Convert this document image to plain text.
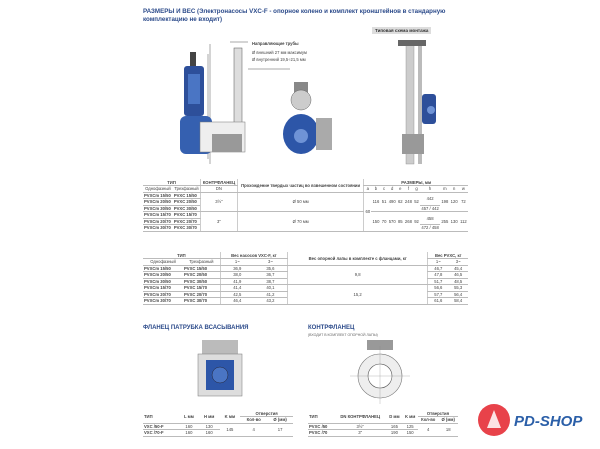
РАЗМЕРЫ И ВЕС (Электронасосы VXC-F - опорное колено и комплект кронштейнов в стандарную комплектацию не входит)
Типовая схема монтажа
Направляющие трубы
Ø внешний 27 мм максимум
Ø внутренний 19,5÷21,5 мм
ТИП		КОНТРФЛАНЕЦ	Прохождение твердых частиц во взвешенном состоянии	РАЗМЕРЫ, мм										
Однофазный	Трехфазный	DN		a	b	c	d	e	f	g	h	m	n	w
PVXCm 15/50	PVXC 15/50	3½"	Ø 50 мм	60	116	51	490	62	248	52	442	198	120	72
PVXCm 20/50	PVXC 20/50													
PVXCm 30/50	PVXC 30/50										457 / 442			
PVXCm 15/70	PVXC 15/70	3"	Ø 70 мм		150	70	570	85	268	92	458	255	130	112
PVXCm 20/70	PVXC 20/70													
PVXCm 30/70	PVXC 30/70										472 / 458			
ТИП		Вес насосов VXC-F, кг		Вес опорной лапы в комплекте с фланцами, кг	Вес PVXC, кг	
Однофазный	Трехфазный	1~	3~		1~	3~
PVXCm 15/50	PVXC 15/50	36,9	35,6	9,8	46,7	45,4
PVXCm 20/50	PVXC 20/50	38,0	36,7		47,8	46,5
PVXCm 30/50	PVXC 30/50	41,9	38,7		51,7	48,5
PVXCm 15/70	PVXC 15/70	41,4	40,1	15,2	56,6	55,3
PVXCm 20/70	PVXC 20/70	42,5	41,2		57,7	56,4
PVXCm 30/70	PVXC 30/70	46,4	43,2		61,6	58,4
ФЛАНЕЦ ПАТРУБКА ВСАСЫВАНИЯ	КОНТРФЛАНЕЦ
(ВХОДИТ В КОМПЛЕКТ ОПОРНОЙ ЛАПЫ)
ТИП	L мм	H мм	K мм	Отверстия	
				Кол-во	Ø (мм)
VXC /50-F	160	130	145	4	17
VXC /70-F	160	160			
ТИП	DN КОНТРФЛАНЕЦ	D мм	K мм	Отверстия	
				Кол-во	Ø (мм)
PVXC /50	3½"	165	125	4	18
PVXC /70	3"	190	150		
PD-SHOP
